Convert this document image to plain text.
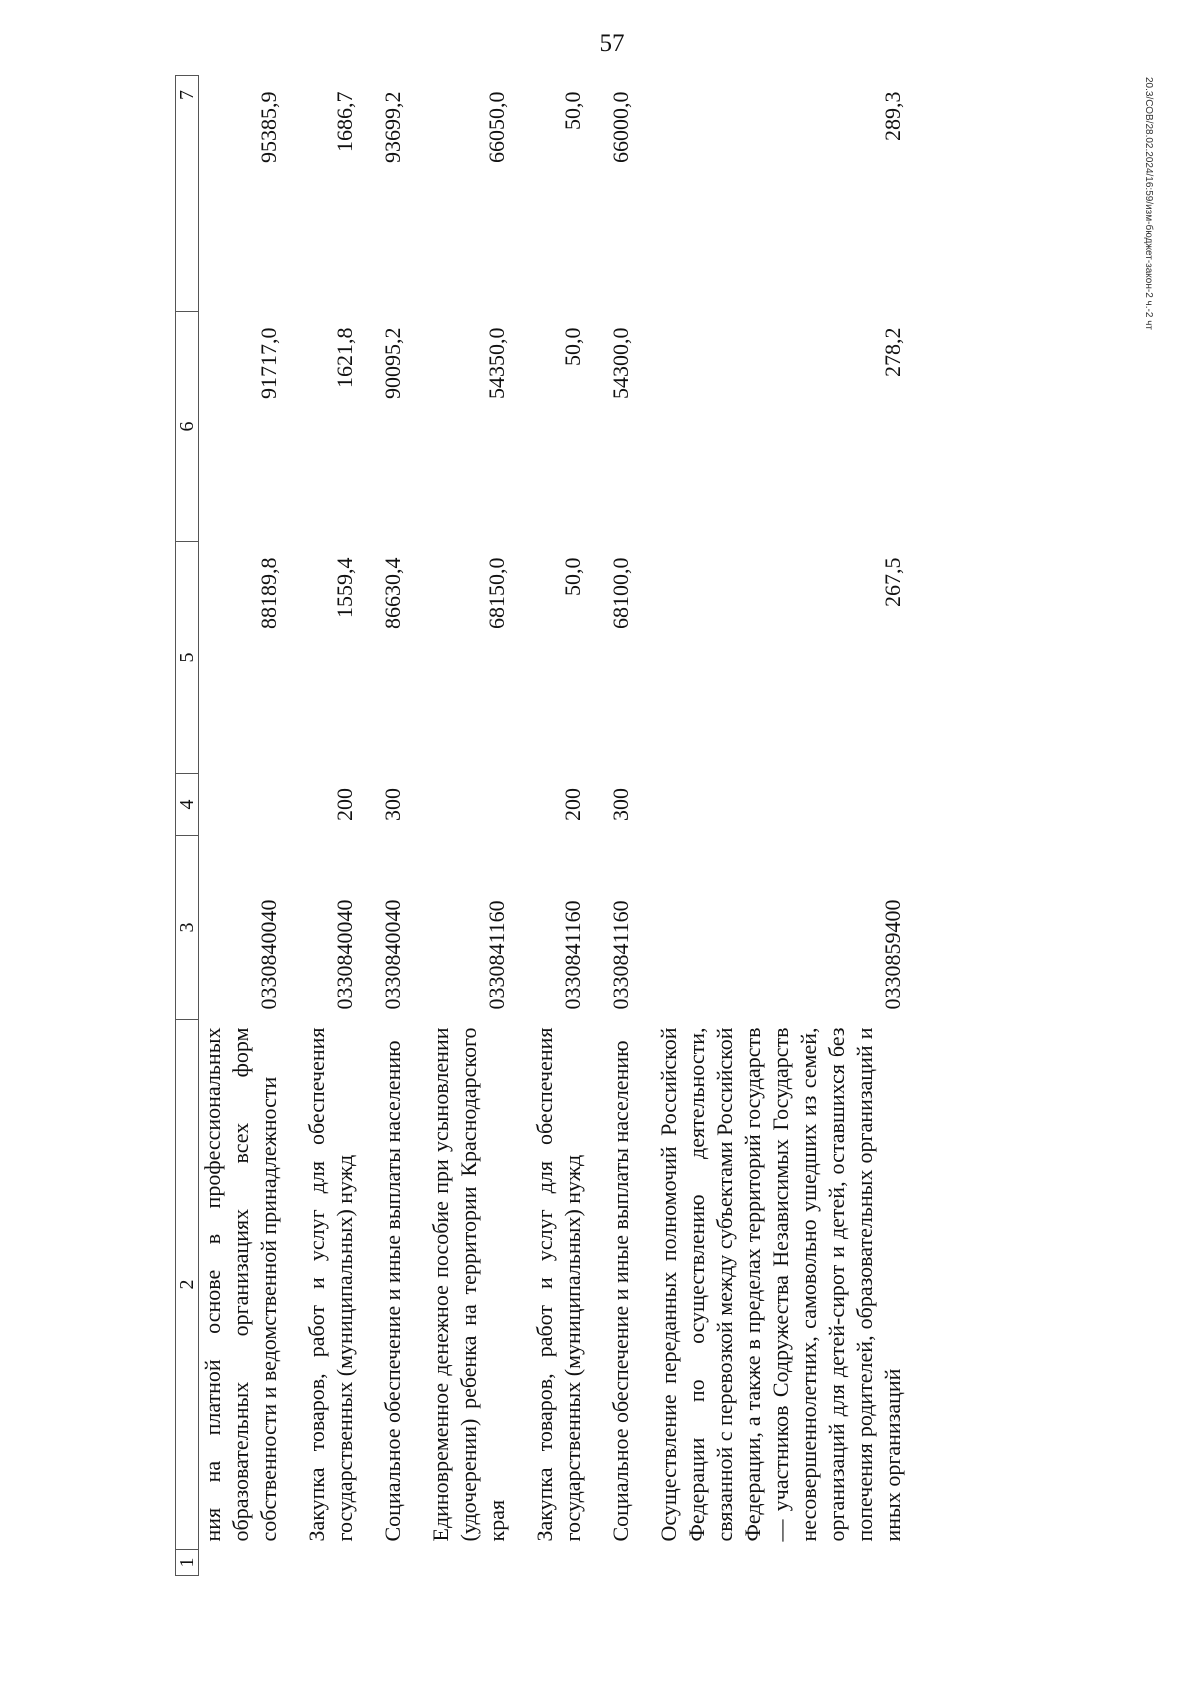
57
20.3/СОВ/28.02.2024/16:59/изм-бюджет-закон-2 ч.-2 чт
1	2	3	4	5	6	7
	ния на платной основе в профессиональных образовательных организациях всех форм собственности и ведомственной принадлежности	0330840040		88189,8	91717,0	95385,9
	Закупка товаров, работ и услуг для обеспечения государственных (муниципальных) нужд	0330840040	200	1559,4	1621,8	1686,7
	Социальное обеспечение и иные выплаты населению	0330840040	300	86630,4	90095,2	93699,2
	Единовременное денежное пособие при усыновлении (удочерении) ребенка на территории Краснодарского края	0330841160		68150,0	54350,0	66050,0
	Закупка товаров, работ и услуг для обеспечения государственных (муниципальных) нужд	0330841160	200	50,0	50,0	50,0
	Социальное обеспечение и иные выплаты населению	0330841160	300	68100,0	54300,0	66000,0
	Осуществление переданных полномочий Российской Федерации по осуществлению деятельности, связанной с перевозкой между субъектами Российской Федерации, а также в пределах территорий государств — участников Содружества Независимых Государств несовершеннолетних, самовольно ушедших из семей, организаций для детей-сирот и детей, оставшихся без попечения родителей, образовательных организаций и иных организаций	0330859400		267,5	278,2	289,3
